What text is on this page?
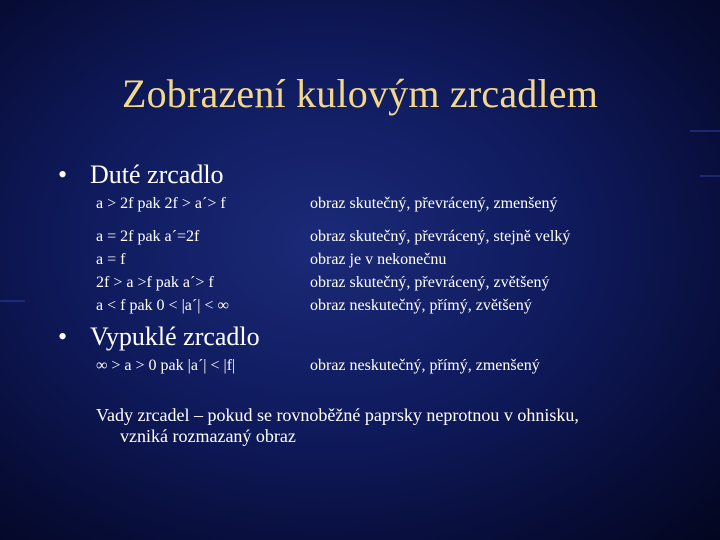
Zobrazení kulovým zrcadlem
• Duté zrcadlo
a > 2f pak 2f > a´> f	obraz skutečný, převrácený, zmenšený
a = 2f pak a´=2f	obraz skutečný, převrácený, stejně velký
a = f	obraz je v nekonečnu
2f > a >f pak a´> f	obraz skutečný, převrácený, zvětšený
a < f pak 0 < |a´| < ∞	obraz neskutečný, přímý, zvětšený
• Vypuklé zrcadlo
∞ > a > 0 pak |a´| < |f|	obraz neskutečný, přímý, zmenšený
Vady zrcadel – pokud se rovnoběžné paprsky neprotnou v ohnisku,
vzniká rozmazaný obraz
